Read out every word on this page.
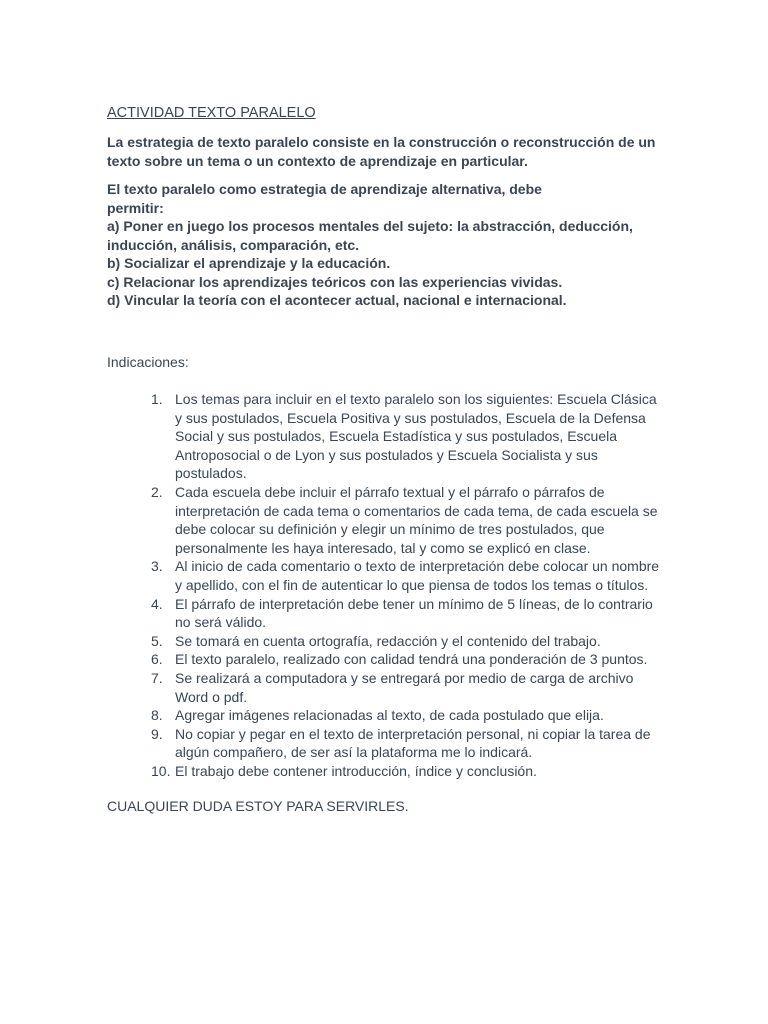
ACTIVIDAD TEXTO PARALELO

La estrategia de texto paralelo consiste en la construcción o reconstrucción de un texto sobre un tema o un contexto de aprendizaje en particular.

El texto paralelo como estrategia de aprendizaje alternativa, debe

permitir:

a) Poner en juego los procesos mentales del sujeto: la abstracción, deducción, inducción, análisis, comparación, etc.

b) Socializar el aprendizaje y la educación.

c) Relacionar los aprendizajes teóricos con las experiencias vividas.

d) Vincular la teoría con el acontecer actual, nacional e internacional.

Indicaciones:

1. Los temas para incluir en el texto paralelo son los siguientes: Escuela Clásica y sus postulados, Escuela Positiva y sus postulados, Escuela de la Defensa Social y sus postulados, Escuela Estadística y sus postulados, Escuela Antroposocial o de Lyon y sus postulados y Escuela Socialista y sus postulados.
2. Cada escuela debe incluir el párrafo textual y el párrafo o párrafos de interpretación de cada tema o comentarios de cada tema, de cada escuela se debe colocar su definición y elegir un mínimo de tres postulados, que personalmente les haya interesado, tal y como se explicó en clase.
3. Al inicio de cada comentario o texto de interpretación debe colocar un nombre y apellido, con el fin de autenticar lo que piensa de todos los temas o títulos.
4. El párrafo de interpretación debe tener un mínimo de 5 líneas, de lo contrario no será válido.
5. Se tomará en cuenta ortografía, redacción y el contenido del trabajo.
6. El texto paralelo, realizado con calidad tendrá una ponderación de 3 puntos.
7. Se realizará a computadora y se entregará por medio de carga de archivo Word o pdf.
8. Agregar imágenes relacionadas al texto, de cada postulado que elija.
9. No copiar y pegar en el texto de interpretación personal, ni copiar la tarea de algún compañero, de ser así la plataforma me lo indicará.
10. El trabajo debe contener introducción, índice y conclusión.

CUALQUIER DUDA ESTOY PARA SERVIRLES.
